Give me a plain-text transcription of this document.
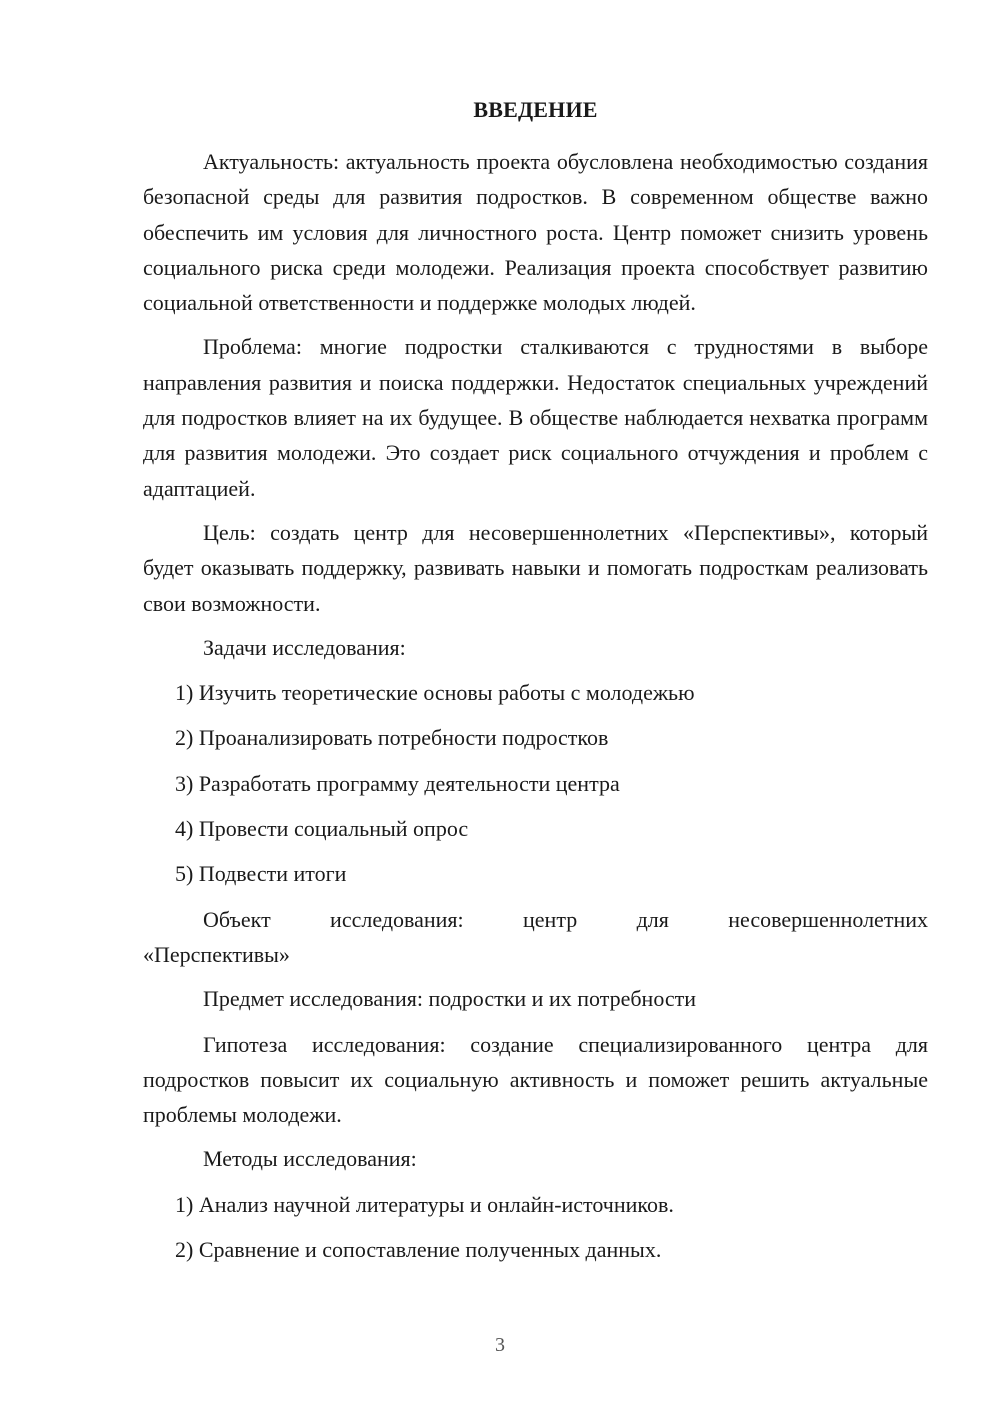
ВВЕДЕНИЕ

Актуальность: актуальность проекта обусловлена необходимостью создания безопасной среды для развития подростков. В современном обществе важно обеспечить им условия для личностного роста. Центр поможет снизить уровень социального риска среди молодежи. Реализация проекта способствует развитию социальной ответственности и поддержке молодых людей.

Проблема: многие подростки сталкиваются с трудностями в выборе направления развития и поиска поддержки. Недостаток специальных учреждений для подростков влияет на их будущее. В обществе наблюдается нехватка программ для развития молодежи. Это создает риск социального отчуждения и проблем с адаптацией.

Цель: создать центр для несовершеннолетних «Перспективы», который будет оказывать поддержку, развивать навыки и помогать подросткам реализовать свои возможности.

Задачи исследования:
1) Изучить теоретические основы работы с молодежью
2) Проанализировать потребности подростков
3) Разработать программу деятельности центра
4) Провести социальный опрос
5) Подвести итоги
Объект исследования: центр для несовершеннолетних
«Перспективы»
Предмет исследования: подростки и их потребности

Гипотеза исследования: создание специализированного центра для подростков повысит их социальную активность и поможет решить актуальные проблемы молодежи.

Методы исследования:
1) Анализ научной литературы и онлайн-источников.
2) Сравнение и сопоставление полученных данных.
3
